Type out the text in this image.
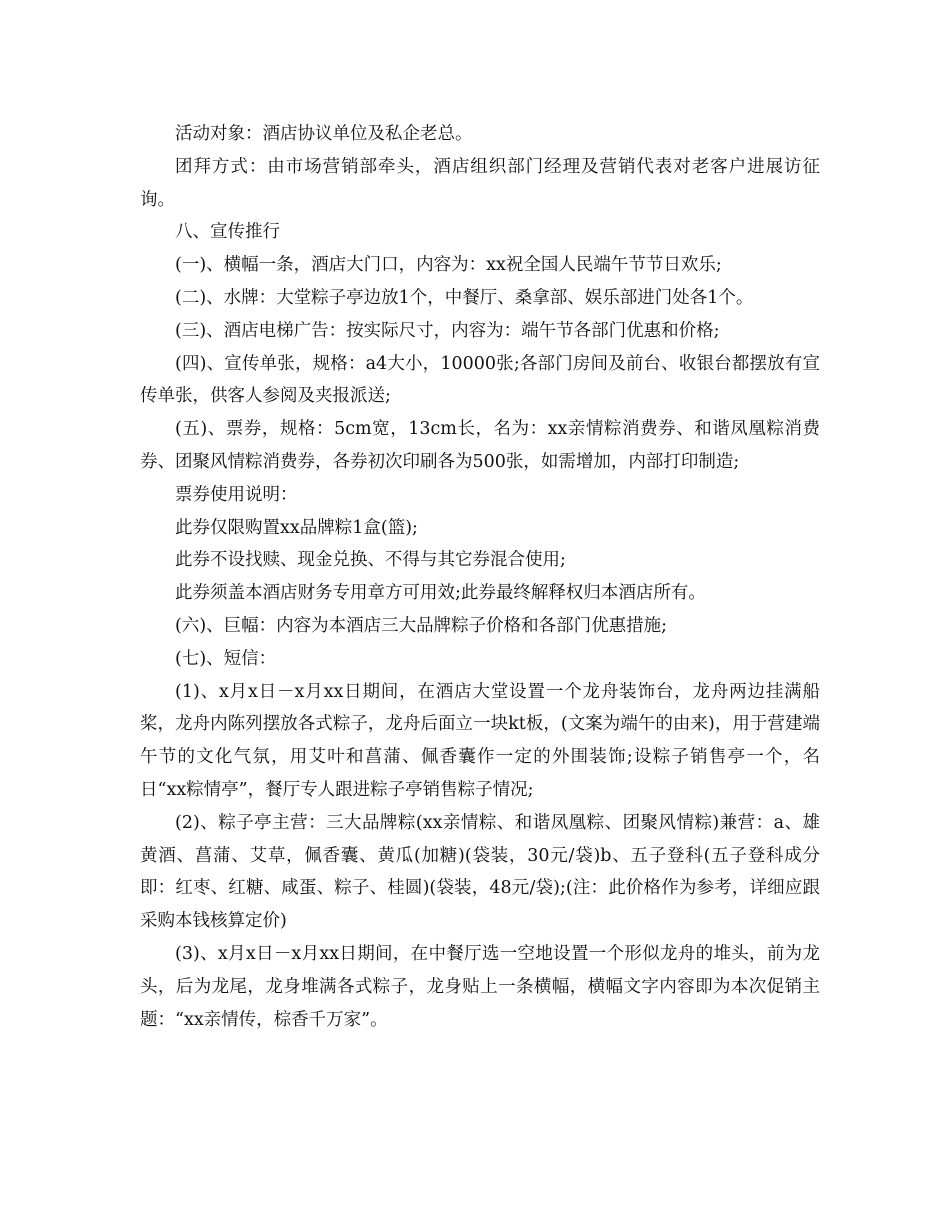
活动对象：酒店协议单位及私企老总。

团拜方式：由市场营销部牵头，酒店组织部门经理及营销代表对老客户进展访征询。

八、宣传推行

(一)、横幅一条，酒店大门口，内容为：xx祝全国人民端午节节日欢乐;

(二)、水牌：大堂粽子亭边放1个，中餐厅、桑拿部、娱乐部进门处各1个。

(三)、酒店电梯广告：按实际尺寸，内容为：端午节各部门优惠和价格;

(四)、宣传单张，规格：a4大小，10000张;各部门房间及前台、收银台都摆放有宣传单张，供客人参阅及夹报派送;

(五)、票券，规格：5cm宽，13cm长，名为：xx亲情粽消费券、和谐凤凰粽消费券、团聚风情粽消费券，各券初次印刷各为500张，如需增加，内部打印制造;

票券使用说明：

此券仅限购置xx品牌粽1盒(篮);

此券不设找赎、现金兑换、不得与其它券混合使用;

此券须盖本酒店财务专用章方可用效;此券最终解释权归本酒店所有。

(六)、巨幅：内容为本酒店三大品牌粽子价格和各部门优惠措施;

(七)、短信：

(1)、x月x日－x月xx日期间，在酒店大堂设置一个龙舟装饰台，龙舟两边挂满船桨，龙舟内陈列摆放各式粽子，龙舟后面立一块kt板，(文案为端午的由来)，用于营建端午节的文化气氛，用艾叶和菖蒲、佩香囊作一定的外围装饰;设粽子销售亭一个，名日“xx粽情亭”，餐厅专人跟进粽子亭销售粽子情况;

(2)、粽子亭主营：三大品牌粽(xx亲情粽、和谐凤凰粽、团聚风情粽)兼营：a、雄黄酒、菖蒲、艾草，佩香囊、黄瓜(加糖)(袋装，30元/袋)b、五子登科(五子登科成分即：红枣、红糖、咸蛋、粽子、桂圆)(袋装，48元/袋);(注：此价格作为参考，详细应跟采购本钱核算定价)

(3)、x月x日－x月xx日期间，在中餐厅选一空地设置一个形似龙舟的堆头，前为龙头，后为龙尾，龙身堆满各式粽子，龙身贴上一条横幅，横幅文字内容即为本次促销主题：“xx亲情传，棕香千万家”。
